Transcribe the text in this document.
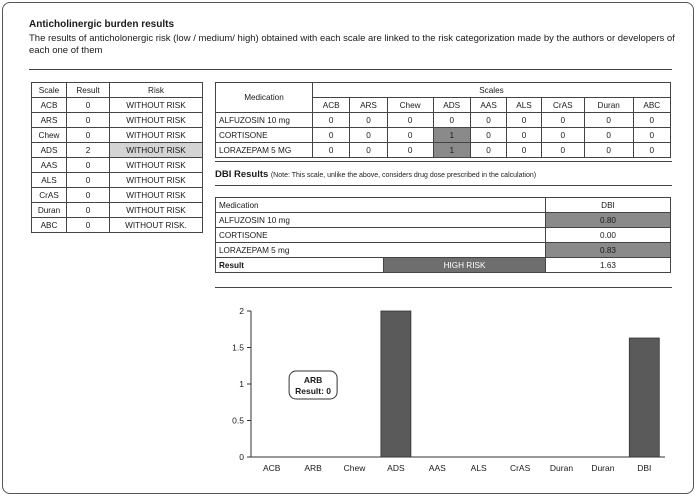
Anticholinergic burden results
The results of anticholonergic risk (low / medium/ high) obtained with each scale are linked to the risk categorization made by the authors or developers of each one of them
Scale	Result	Risk
ACB	0	WITHOUT RISK
ARS	0	WITHOUT RISK
Chew	0	WITHOUT RISK
ADS	2	WITHOUT RISK
AAS	0	WITHOUT RISK
ALS	0	WITHOUT RISK
CrAS	0	WITHOUT RISK
Duran	0	WITHOUT RISK
ABC	0	WITHOUT RISK.
Medication	Scales								
	ACB	ARS	Chew	ADS	AAS	ALS	CrAS	Duran	ABC
ALFUZOSIN 10 mg	0	0	0	0	0	0	0	0	0
CORTISONE	0	0	0	1	0	0	0	0	0
LORAZEPAM 5 MG	0	0	0	1	0	0	0	0	0
DBI Results (Note: This scale, unlike the above, considers drug dose prescribed in the calculation)
Medication		DBI
ALFUZOSIN 10 mg		0.80
CORTISONE		0.00
LORAZEPAM 5 mg		0.83
Result	HIGH RISK	1.63
0
0.5
1
1.5
2
ACB	ARB	Chew	ADS	AAS	ALS	CrAS Duran Duran	DBI
ARB
Result: 0
